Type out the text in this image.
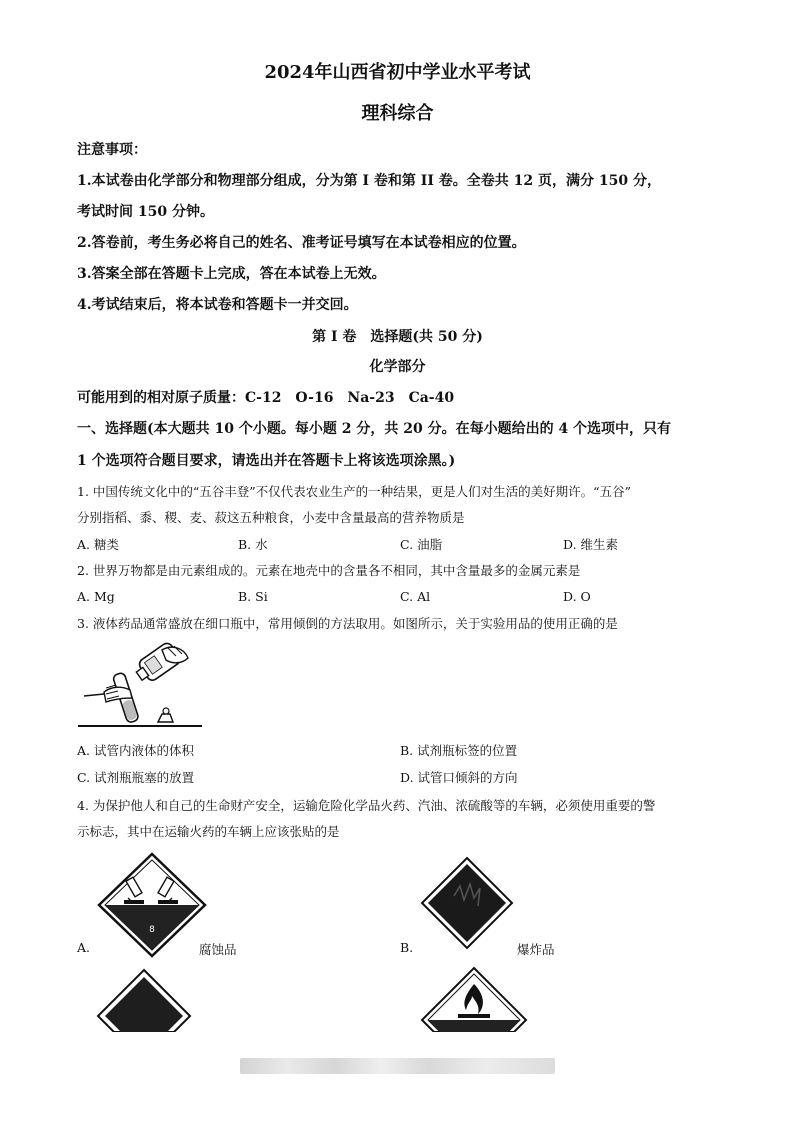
2024年山西省初中学业水平考试
理科综合
注意事项：
1.本试卷由化学部分和物理部分组成，分为第 I 卷和第 II 卷。全卷共 12 页，满分 150 分，
考试时间 150 分钟。
2.答卷前，考生务必将自己的姓名、准考证号填写在本试卷相应的位置。
3.答案全部在答题卡上完成，答在本试卷上无效。
4.考试结束后，将本试卷和答题卡一并交回。
第 I 卷　选择题(共 50 分)
化学部分
可能用到的相对原子质量：C-12　O-16　Na-23　Ca-40
一、选择题(本大题共 10 个小题。每小题 2 分，共 20 分。在每小题给出的 4 个选项中，只有
1 个选项符合题目要求，请选出并在答题卡上将该选项涂黑。)
1. 中国传统文化中的“五谷丰登”不仅代表农业生产的一种结果，更是人们对生活的美好期许。“五谷”
分别指稻、黍、稷、麦、菽这五种粮食，小麦中含量最高的营养物质是
A. 糖类	B. 水	C. 油脂	D. 维生素
2. 世界万物都是由元素组成的。元素在地壳中的含量各不相同，其中含量最多的金属元素是
A. Mg	B. Si	C. Al	D. O
3. 液体药品通常盛放在细口瓶中，常用倾倒的方法取用。如图所示，关于实验用品的使用正确的是
A. 试管内液体的体积	B. 试剂瓶标签的位置
C. 试剂瓶瓶塞的放置	D. 试管口倾斜的方向
4. 为保护他人和自己的生命财产安全，运输危险化学品火药、汽油、浓硫酸等的车辆，必须使用重要的警
示标志，其中在运输火药的车辆上应该张贴的是
8
A.	腐蚀品	B.	爆炸品
